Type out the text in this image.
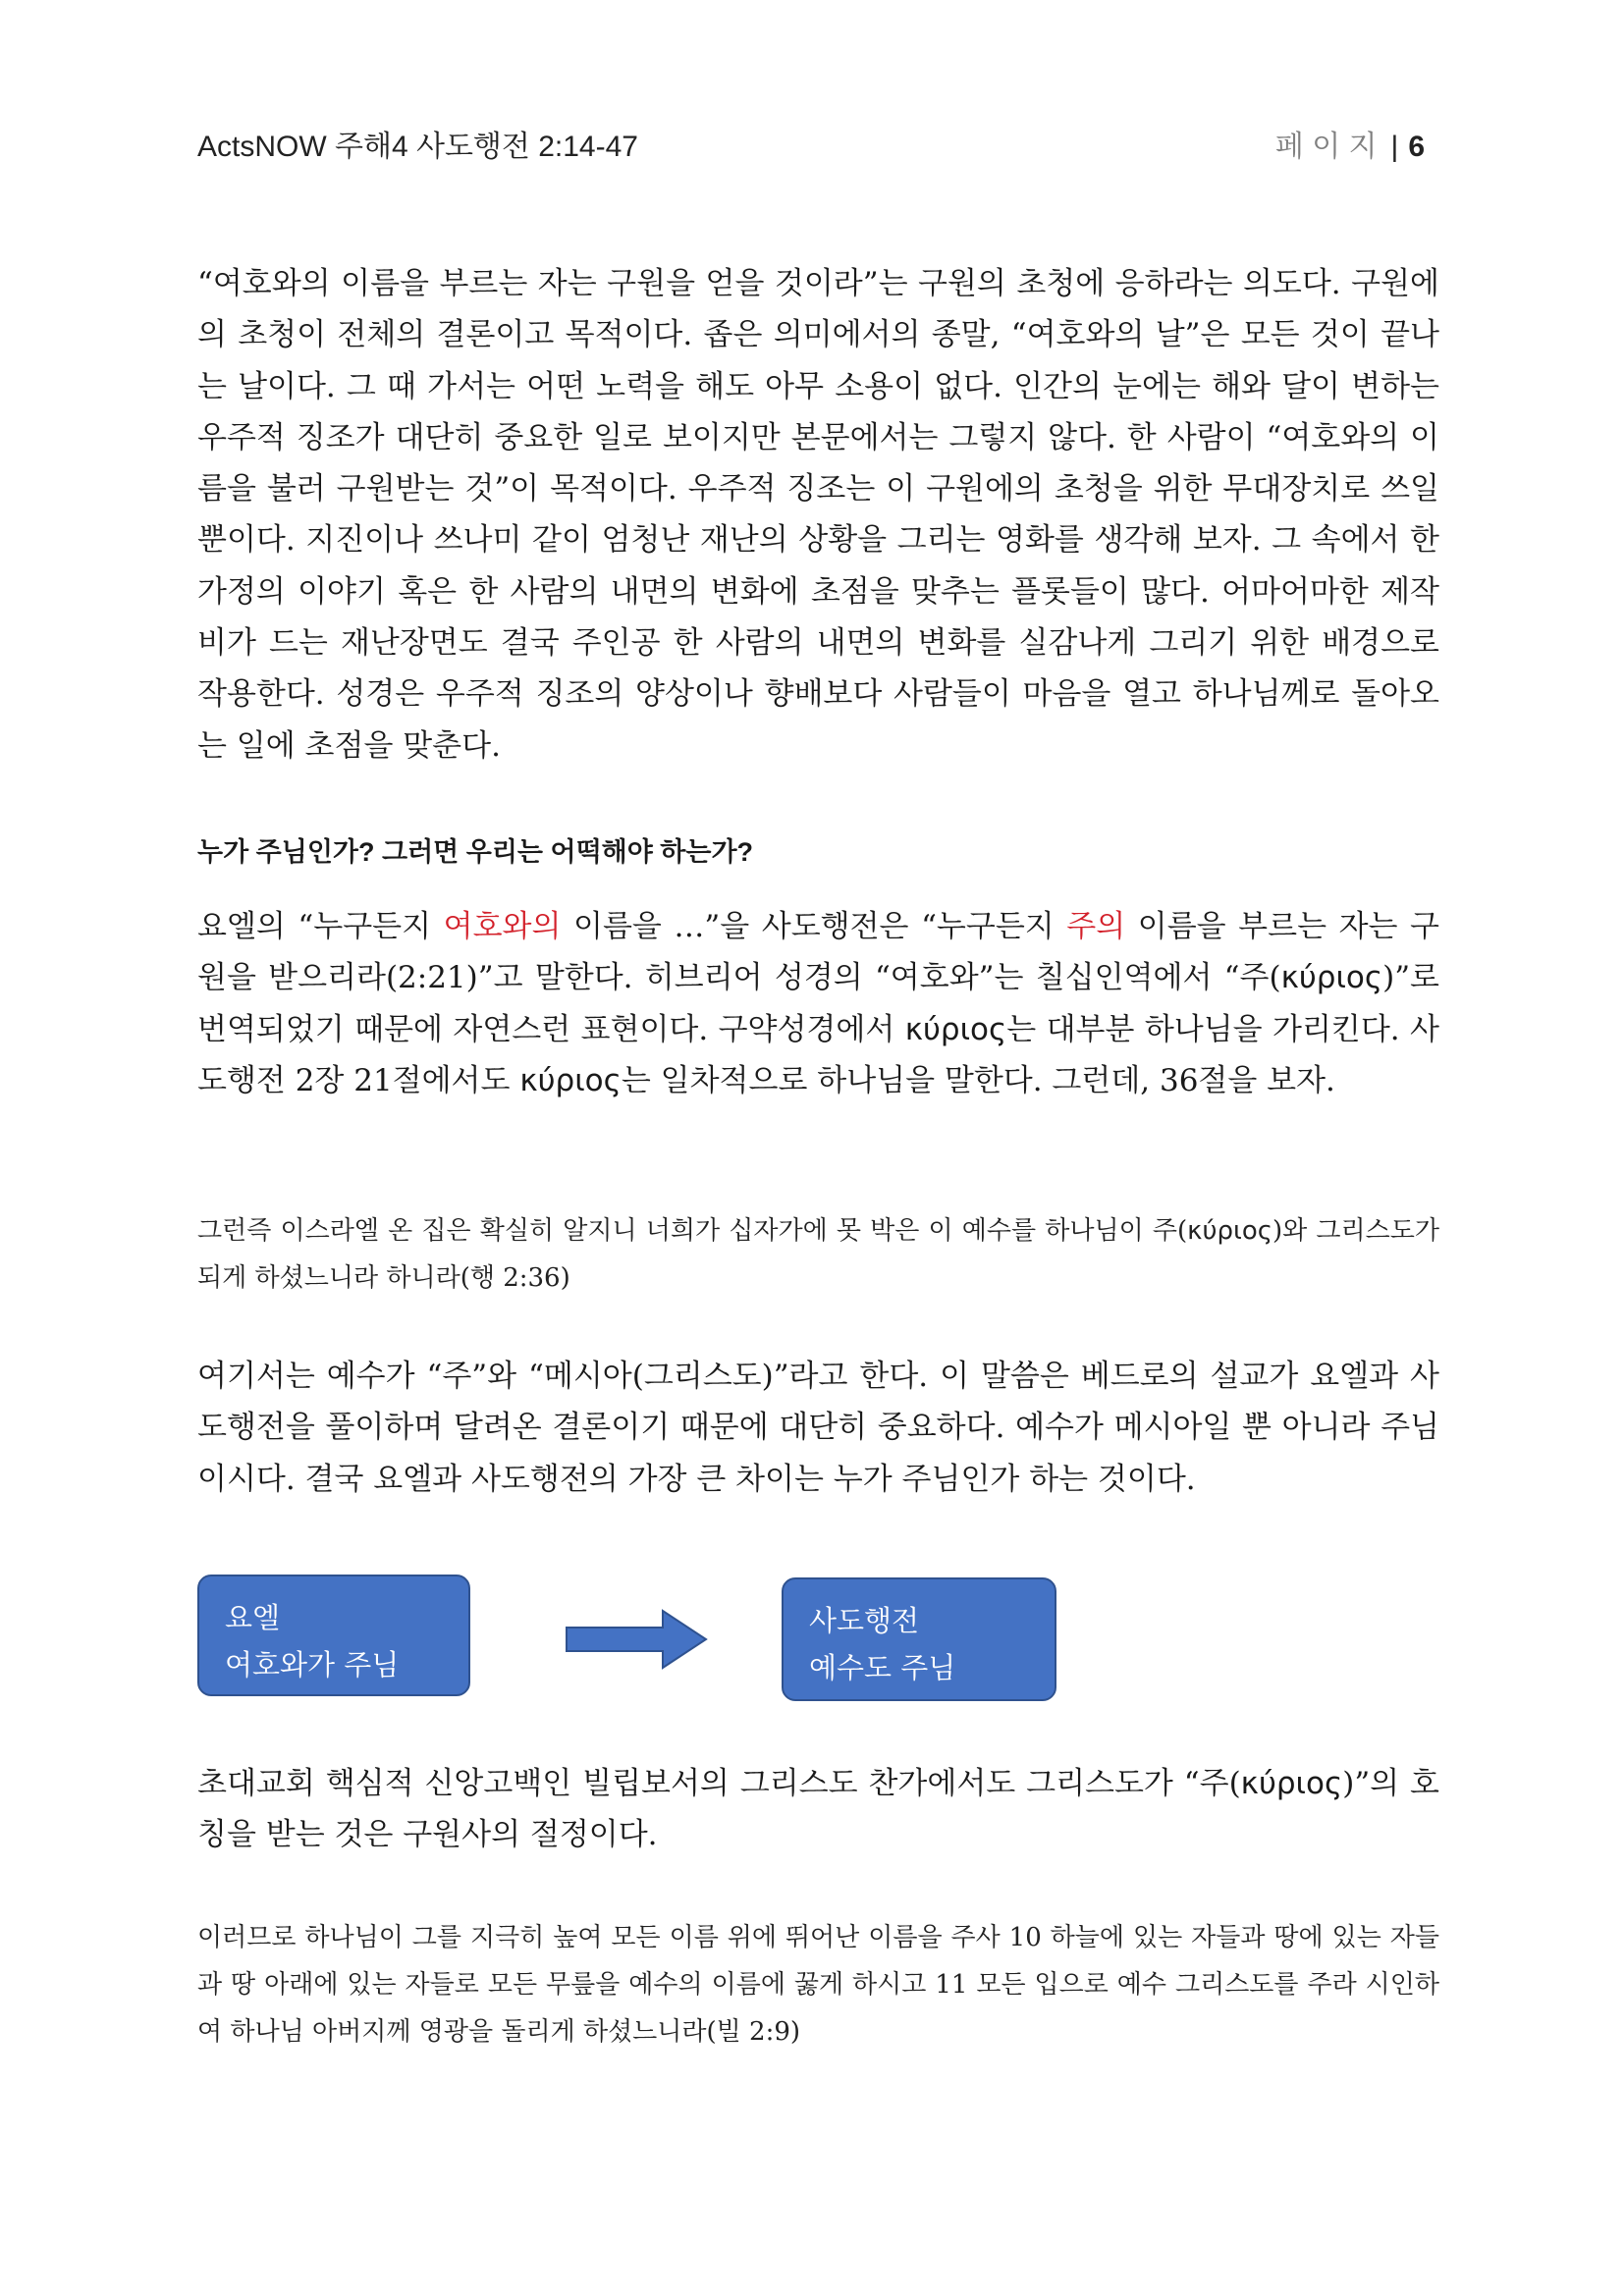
ActsNOW 주해4 사도행전 2:14-47	페 이 지 | 6
“여호와의 이름을 부르는 자는 구원을 얻을 것이라”는 구원의 초청에 응하라는 의도다. 구원에의 초청이 전체의 결론이고 목적이다. 좁은 의미에서의 종말, “여호와의 날”은 모든 것이 끝나는 날이다. 그 때 가서는 어떤 노력을 해도 아무 소용이 없다. 인간의 눈에는 해와 달이 변하는 우주적 징조가 대단히 중요한 일로 보이지만 본문에서는 그렇지 않다. 한 사람이 “여호와의 이름을 불러 구원받는 것”이 목적이다. 우주적 징조는 이 구원에의 초청을 위한 무대장치로 쓰일 뿐이다. 지진이나 쓰나미 같이 엄청난 재난의 상황을 그리는 영화를 생각해 보자. 그 속에서 한 가정의 이야기 혹은 한 사람의 내면의 변화에 초점을 맞추는 플롯들이 많다. 어마어마한 제작비가 드는 재난장면도 결국 주인공 한 사람의 내면의 변화를 실감나게 그리기 위한 배경으로 작용한다. 성경은 우주적 징조의 양상이나 향배보다 사람들이 마음을 열고 하나님께로 돌아오는 일에 초점을 맞춘다.
누가 주님인가? 그러면 우리는 어떡해야 하는가?
요엘의 “누구든지 여호와의 이름을 …”을 사도행전은 “누구든지 주의 이름을 부르는 자는 구원을 받으리라(2:21)”고 말한다. 히브리어 성경의 “여호와”는 칠십인역에서 “주(κύριος)”로 번역되었기 때문에 자연스런 표현이다. 구약성경에서 κύριος는 대부분 하나님을 가리킨다. 사도행전 2장 21절에서도 κύριος는 일차적으로 하나님을 말한다. 그런데, 36절을 보자.
그런즉 이스라엘 온 집은 확실히 알지니 너희가 십자가에 못 박은 이 예수를 하나님이 주(κύριος)와 그리스도가 되게 하셨느니라 하니라(행 2:36)
여기서는 예수가 “주”와 “메시아(그리스도)”라고 한다. 이 말씀은 베드로의 설교가 요엘과 사도행전을 풀이하며 달려온 결론이기 때문에 대단히 중요하다. 예수가 메시아일 뿐 아니라 주님이시다. 결국 요엘과 사도행전의 가장 큰 차이는 누가 주님인가 하는 것이다.
요엘
여호와가 주님
사도행전
예수도 주님
초대교회 핵심적 신앙고백인 빌립보서의 그리스도 찬가에서도 그리스도가 “주(κύριος)”의 호칭을 받는 것은 구원사의 절정이다.
이러므로 하나님이 그를 지극히 높여 모든 이름 위에 뛰어난 이름을 주사 10 하늘에 있는 자들과 땅에 있는 자들과 땅 아래에 있는 자들로 모든 무릎을 예수의 이름에 꿇게 하시고 11 모든 입으로 예수 그리스도를 주라 시인하여 하나님 아버지께 영광을 돌리게 하셨느니라(빌 2:9)
